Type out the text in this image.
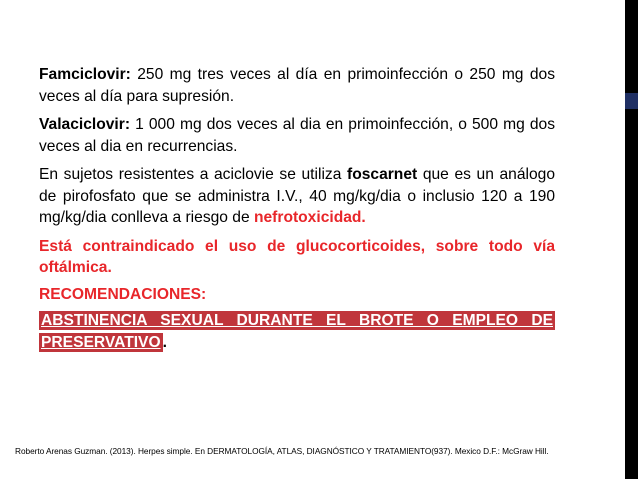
Famciclovir: 250 mg tres veces al día en primoinfección o 250 mg dos veces al día para supresión.

Valaciclovir: 1 000 mg dos veces al dia en primoinfección, o 500 mg dos veces al dia en recurrencias.

En sujetos resistentes a aciclovie se utiliza foscarnet que es un análogo de pirofosfato que se administra I.V., 40 mg/kg/dia o inclusio 120 a 190 mg/kg/dia conlleva a riesgo de nefrotoxicidad.

Está contraindicado el uso de glucocorticoides, sobre todo vía oftálmica.

RECOMENDACIONES:

ABSTINENCIA SEXUAL DURANTE EL BROTE O EMPLEO DE PRESERVATIVO .

Roberto Arenas Guzman. (2013). Herpes simple. En DERMATOLOGÍA, ATLAS, DIAGNÓSTICO Y TRATAMIENTO(937). Mexico D.F.: McGraw Hill.
